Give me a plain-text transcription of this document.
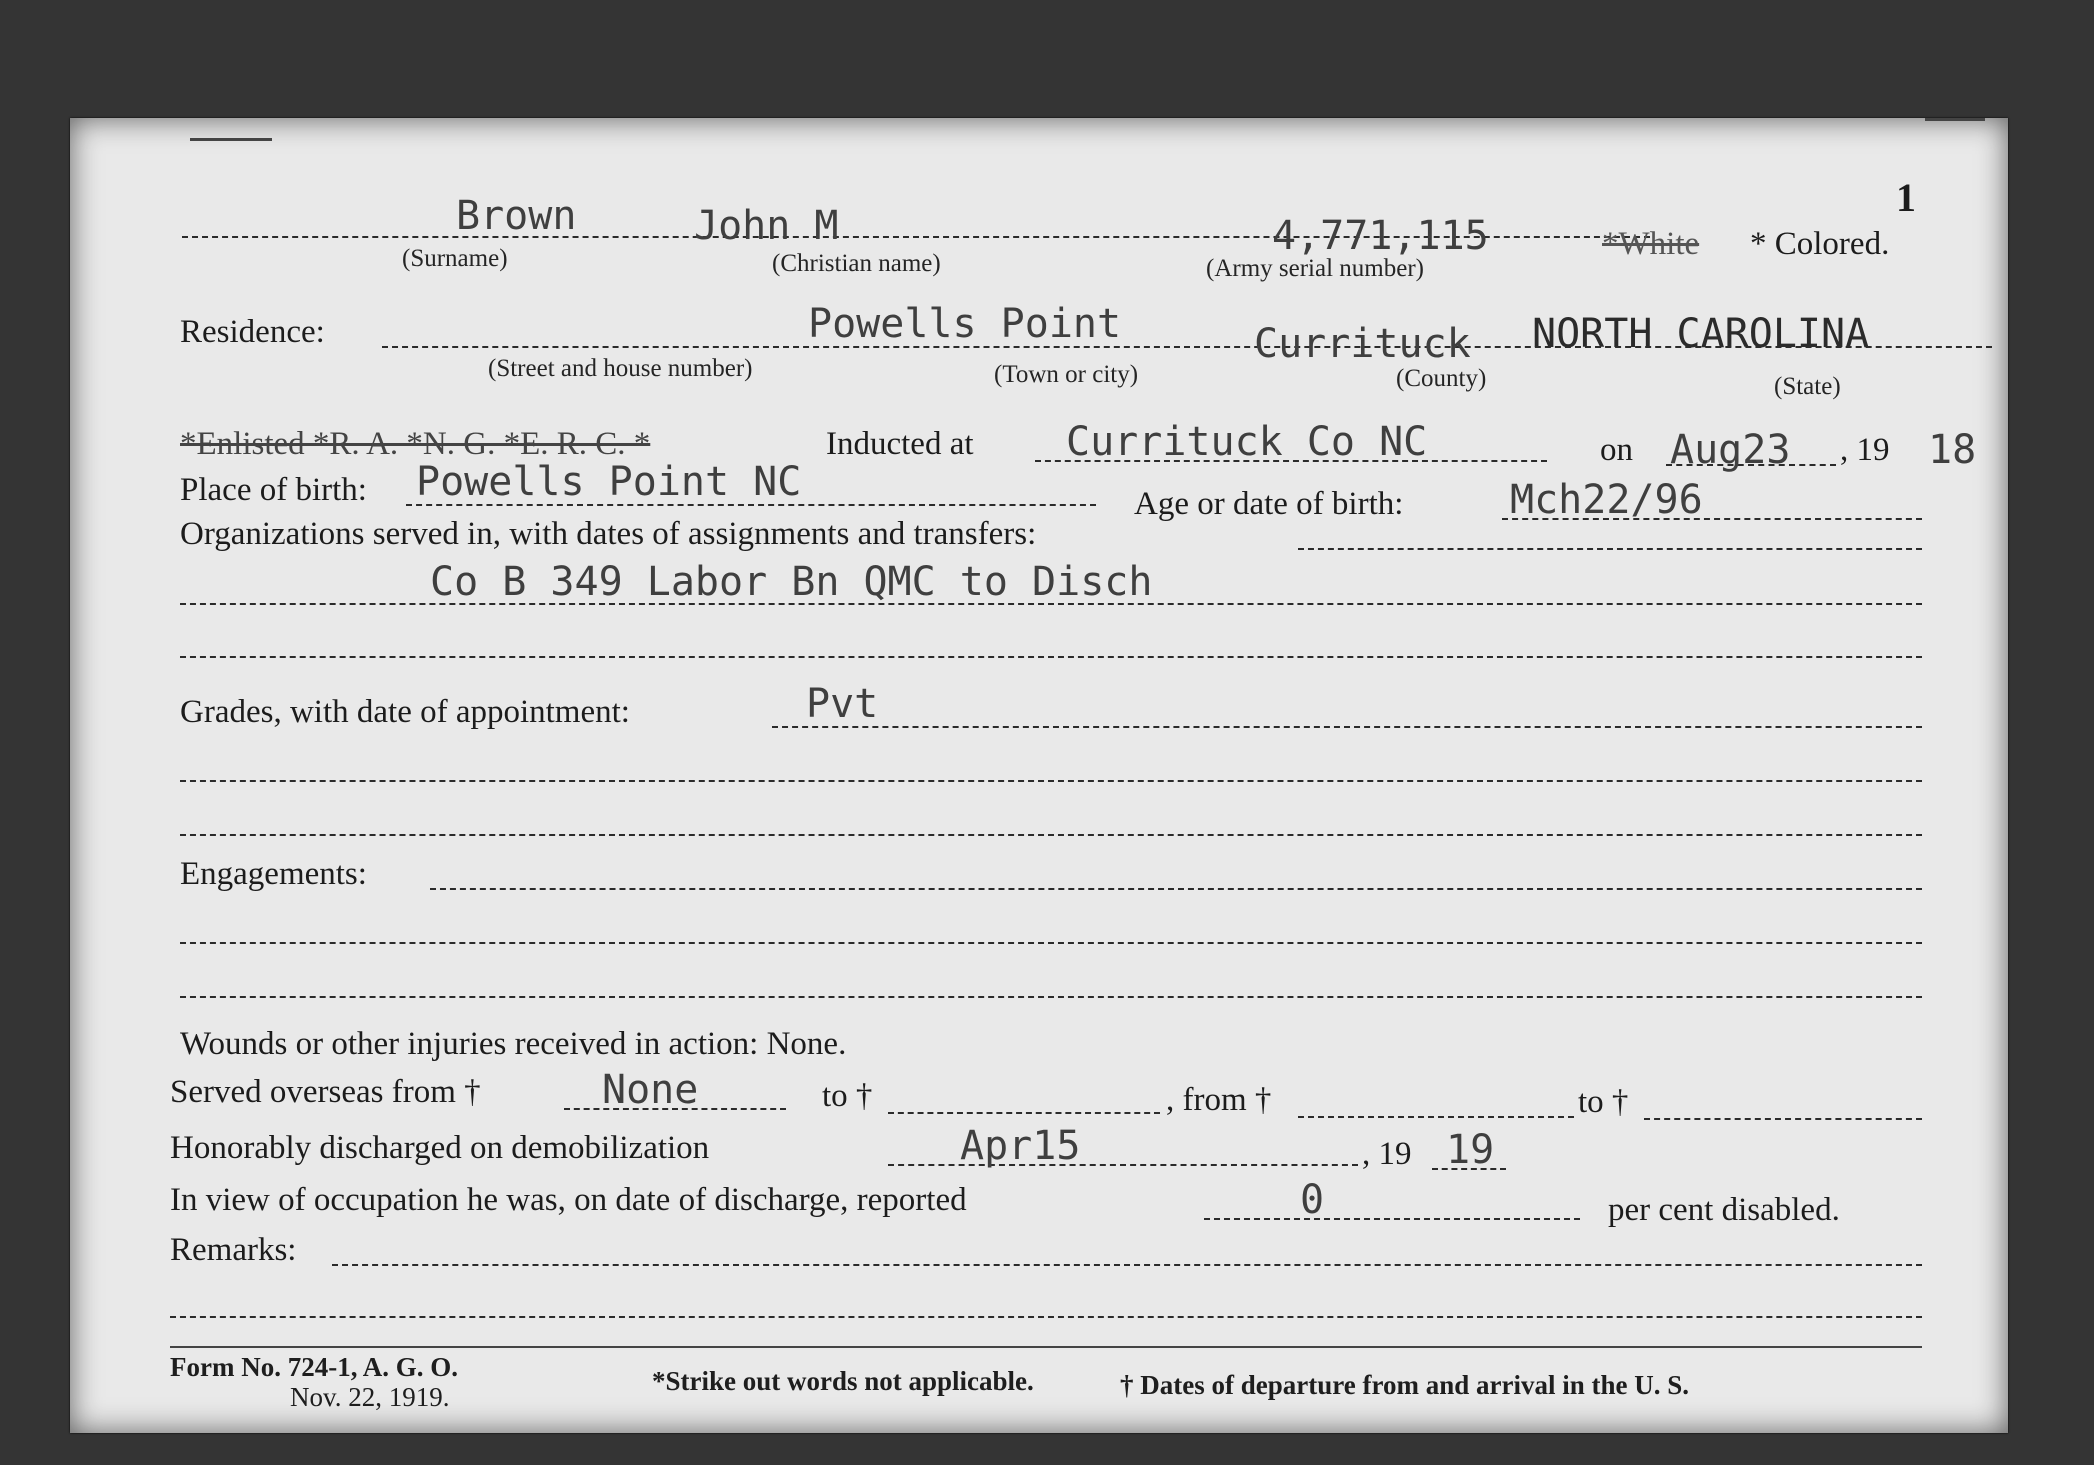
1
Brown	John M	4,771,115	*White * Colored.
(Surname)	(Christian name)	(Army serial number)
Residence:	Powells Point	Currituck NORTH CAROLINA
(Street and house number)	(Town or city)	(County)	(State)
*Enlisted *R. A. *N. G. *E. R. C. *	Inducted at Currituck Co NC	on Aug23 , 19 18
Place of birth: Powells Point NC	Age or date of birth:	Mch22/96
Organizations served in, with dates of assignments and transfers:
Co B 349 Labor Bn QMC to Disch
Grades, with date of appointment:	Pvt
Engagements:
Wounds or other injuries received in action: None.
Served overseas from †	None	to †	, from †	to †
Honorably discharged on demobilization	Apr15	, 19 19
In view of occupation he was, on date of discharge, reported	0	per cent disabled.
Remarks:
Form No. 724-1, A. G. O.
Nov. 22, 1919.
*Strike out words not applicable.	† Dates of departure from and arrival in the U. S.
